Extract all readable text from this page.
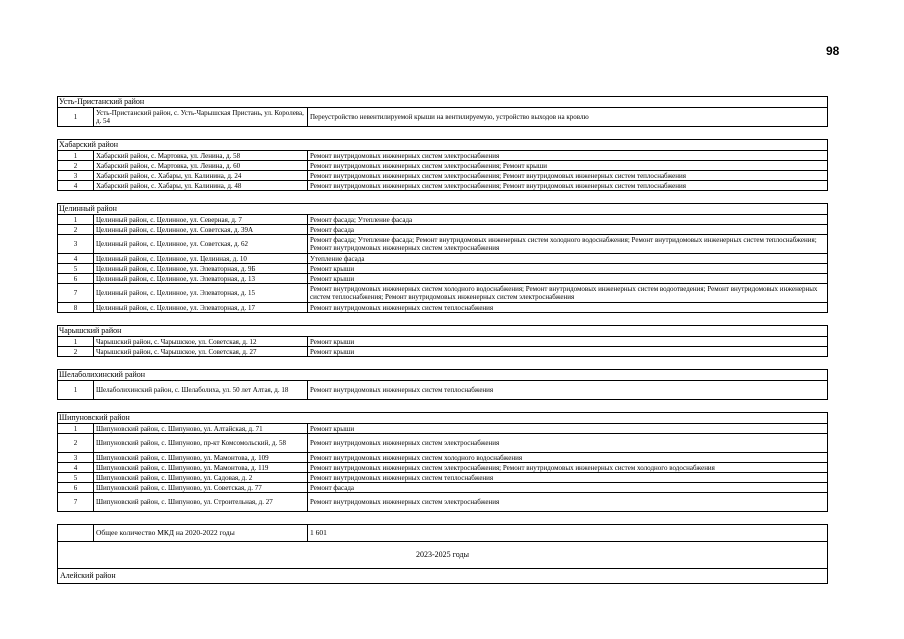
98
Усть-Пристанский район		
1	Усть-Пристанский район, с. Усть-Чарышская Пристань, ул. Королева, д. 54	Переустройство невентилируемой крыши на вентилируемую, устройство выходов на кровлю

Хабарский район		
1	Хабарский район, с. Мартовка, ул. Ленина, д. 58	Ремонт внутридомовых инженерных систем электроснабжения
2	Хабарский район, с. Мартовка, ул. Ленина, д. 60	Ремонт внутридомовых инженерных систем электроснабжения; Ремонт крыши
3	Хабарский район, с. Хабары, ул. Калинина, д. 24	Ремонт внутридомовых инженерных систем электроснабжения; Ремонт внутридомовых инженерных систем теплоснабжения
4	Хабарский район, с. Хабары, ул. Калинина, д. 48	Ремонт внутридомовых инженерных систем электроснабжения; Ремонт внутридомовых инженерных систем теплоснабжения

Целинный район		
1	Целинный район, с. Целинное, ул. Северная, д. 7	Ремонт фасада; Утепление фасада
2	Целинный район, с. Целинное, ул. Советская, д. 39А	Ремонт фасада
3	Целинный район, с. Целинное, ул. Советская, д. 62	Ремонт фасада; Утепление фасада; Ремонт внутридомовых инженерных систем холодного водоснабжения; Ремонт внутридомовых инженерных систем теплоснабжения; Ремонт внутридомовых инженерных систем электроснабжения
4	Целинный район, с. Целинное, ул. Целинная, д. 10	Утепление фасада
5	Целинный район, с. Целинное, ул. Элеваторная, д. 9Б	Ремонт крыши
6	Целинный район, с. Целинное, ул. Элеваторная, д. 13	Ремонт крыши
7	Целинный район, с. Целинное, ул. Элеваторная, д. 15	Ремонт внутридомовых инженерных систем холодного водоснабжения; Ремонт внутридомовых инженерных систем водоотведения; Ремонт внутридомовых инженерных систем теплоснабжения; Ремонт внутридомовых инженерных систем электроснабжения
8	Целинный район, с. Целинное, ул. Элеваторная, д. 17	Ремонт внутридомовых инженерных систем теплоснабжения

Чарышский район		
1	Чарышский район, с. Чарышское, ул. Советская, д. 12	Ремонт крыши
2	Чарышский район, с. Чарышское, ул. Советская, д. 27	Ремонт крыши

Шелаболихинский район		
1	Шелаболихинский район, с. Шелаболиха, ул. 50 лет Алтая, д. 18	Ремонт внутридомовых инженерных систем теплоснабжения

Шипуновский район		
1	Шипуновский район, с. Шипуново, ул. Алтайская, д. 71	Ремонт крыши
2	Шипуновский район, с. Шипуново, пр-кт Комсомольский, д. 58	Ремонт внутридомовых инженерных систем электроснабжения
3	Шипуновский район, с. Шипуново, ул. Мамонтова, д. 109	Ремонт внутридомовых инженерных систем холодного водоснабжения
4	Шипуновский район, с. Шипуново, ул. Мамонтова, д. 119	Ремонт внутридомовых инженерных систем электроснабжения; Ремонт внутридомовых инженерных систем холодного водоснабжения
5	Шипуновский район, с. Шипуново, ул. Садовая, д. 2	Ремонт внутридомовых инженерных систем теплоснабжения
6	Шипуновский район, с. Шипуново, ул. Советская, д. 77	Ремонт фасада
7	Шипуновский район, с. Шипуново, ул. Строительная, д. 27	Ремонт внутридомовых инженерных систем электроснабжения

	Общее количество МКД на 2020-2022 годы	1 601
2023-2025 годы		
Алейский район		
